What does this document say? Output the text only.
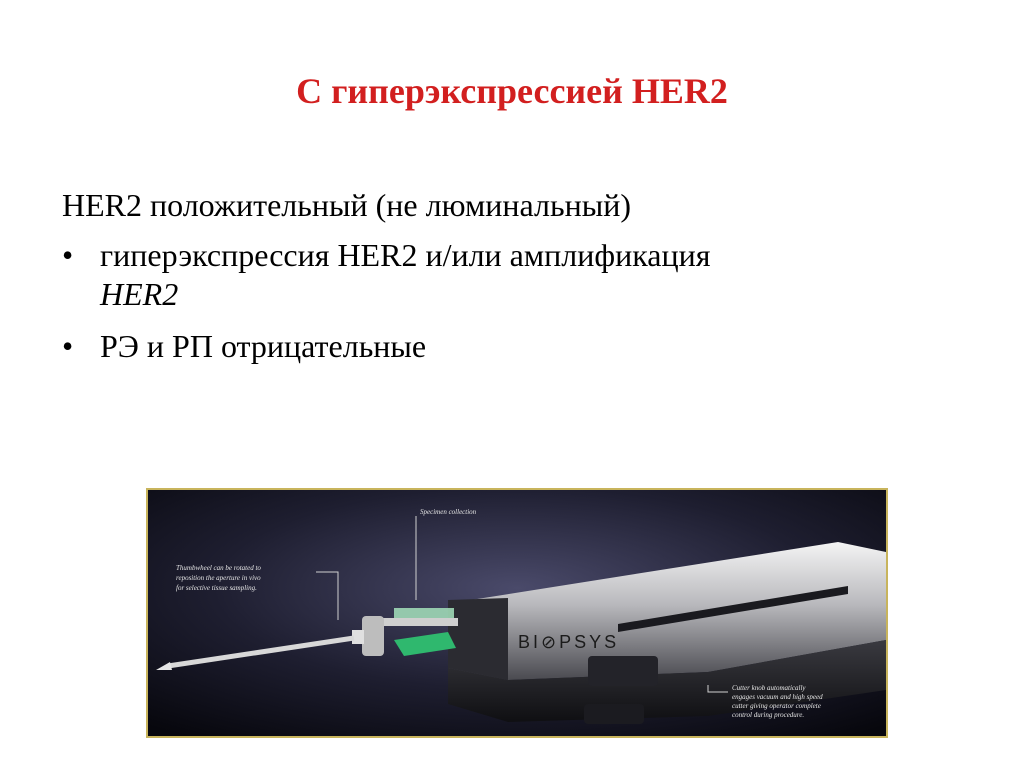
С гиперэкспрессией HER2
HER2 положительный (не люминальный)
• гиперэкспрессия HER2 и/или амплификация
HER2
• РЭ и РП отрицательные
BI⊘PSYS
Specimen collection
Thumbwheel can be rotated to
reposition the aperture in vivo
for selective tissue sampling.
Cutter knob automatically
engages vacuum and high speed
cutter giving operator complete
control during procedure.
